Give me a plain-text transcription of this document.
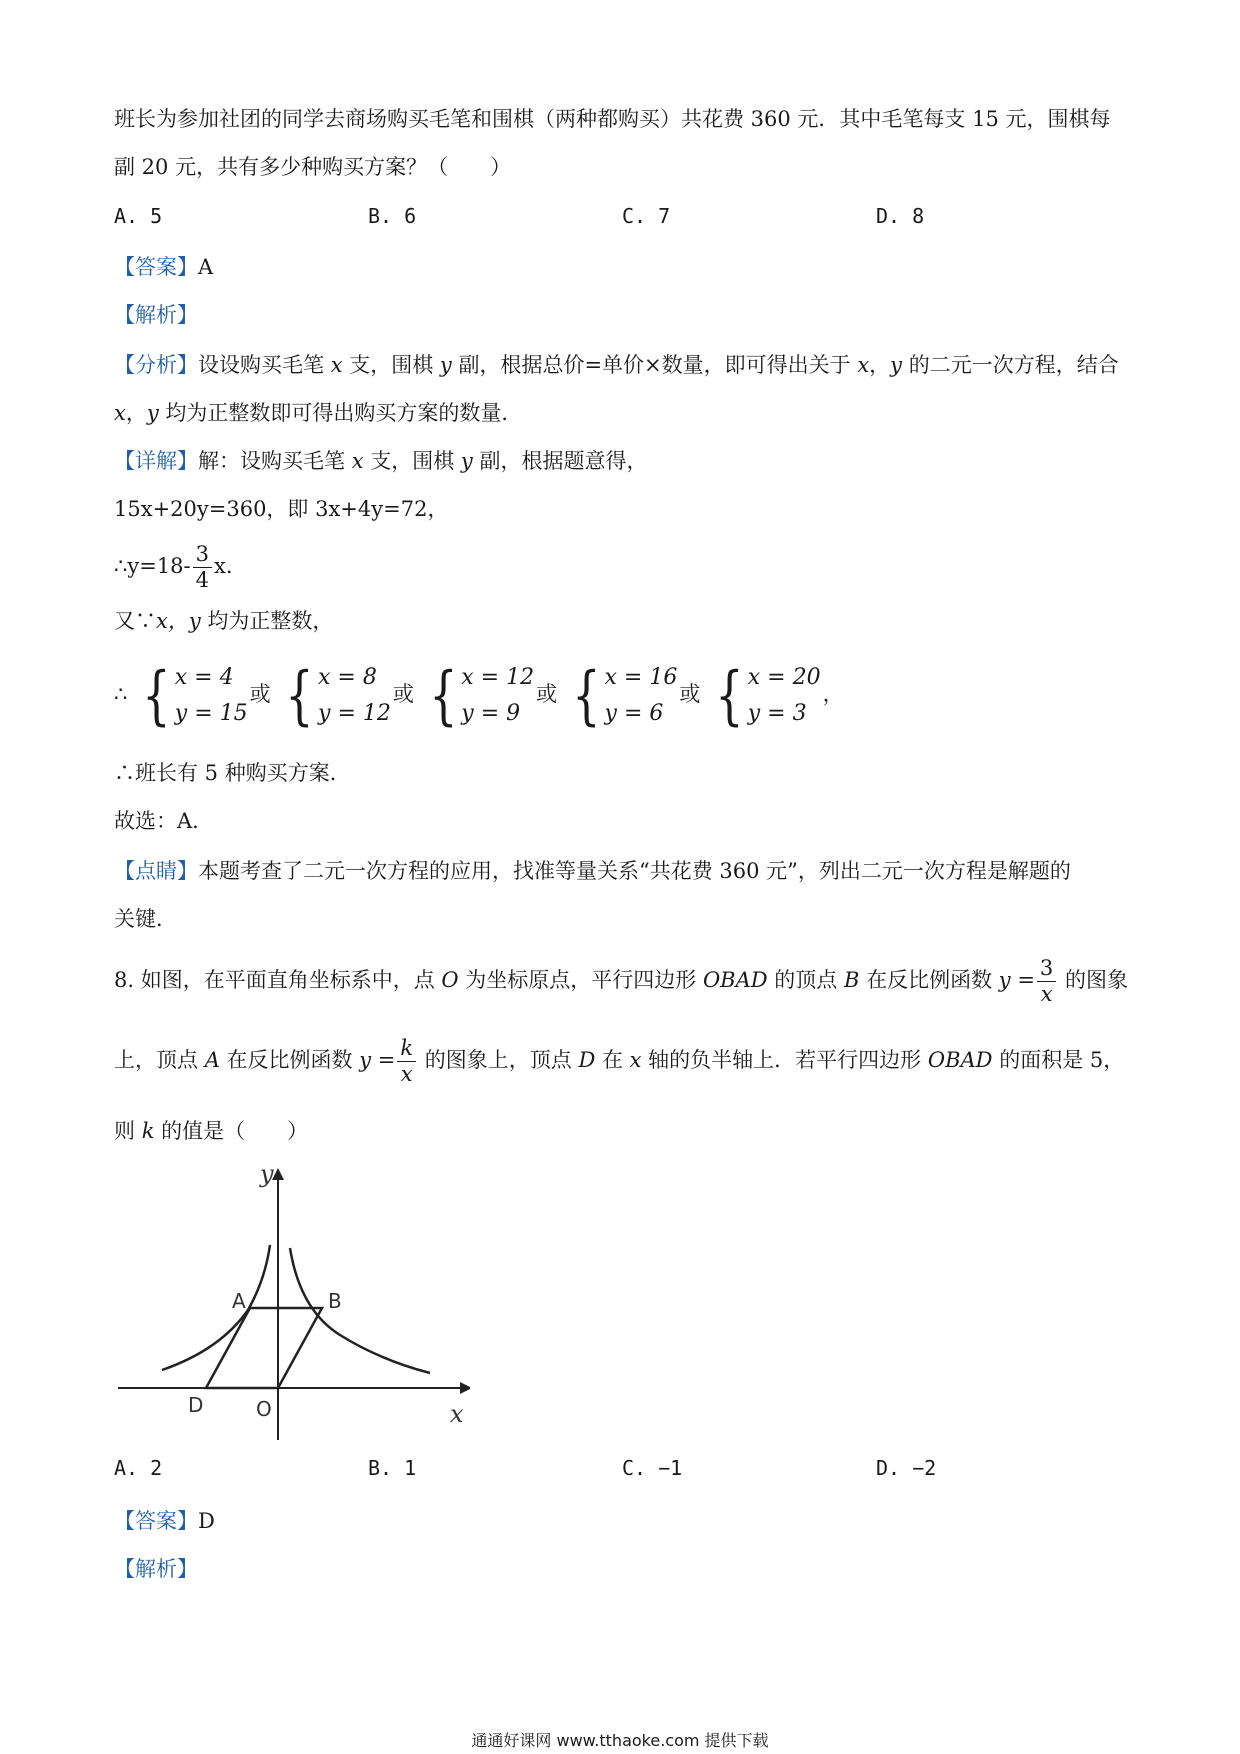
班长为参加社团的同学去商场购买毛笔和围棋（两种都购买）共花费 360 元．其中毛笔每支 15 元，围棋每
副 20 元，共有多少种购买方案？（　　）
A. 5	B. 6	C. 7	D. 8
【答案】A
【解析】
【分析】设设购买毛笔 x 支，围棋 y 副，根据总价=单价×数量，即可得出关于 x，y 的二元一次方程，结合
x，y 均为正整数即可得出购买方案的数量．
【详解】解：设购买毛笔 x 支，围棋 y 副，根据题意得，
15x+20y=360，即 3x+4y=72，
∴y=18- $\frac{3}{4} x$.
又∵x，y 均为正整数，
∴ { x = 4
y = 15
或 { x = 8
y = 12
或 { x = 12
y = 9
或 { x = 16
y = 6
或 { x = 20
y = 3
，
∴班长有 5 种购买方案．
故选：A．
【点睛】本题考查了二元一次方程的应用，找准等量关系“共花费 360 元”，列出二元一次方程是解题的
关键．
8. 如图，在平面直角坐标系中，点 O 为坐标原点，平行四边形 OBAD 的顶点 B 在反比例函数 $y = \frac{3}{x}$ 的图象
上，顶点 A 在反比例函数 $y = \frac{k}{x}$ 的图象上，顶点 D 在 x 轴的负半轴上．若平行四边形 OBAD 的面积是 5，
则 k 的值是（　　）
y
x
A	B
D	O
A. 2	B. 1	C. −1	D. −2
【答案】D
【解析】
通通好课网 www.tthaoke.com 提供下载
